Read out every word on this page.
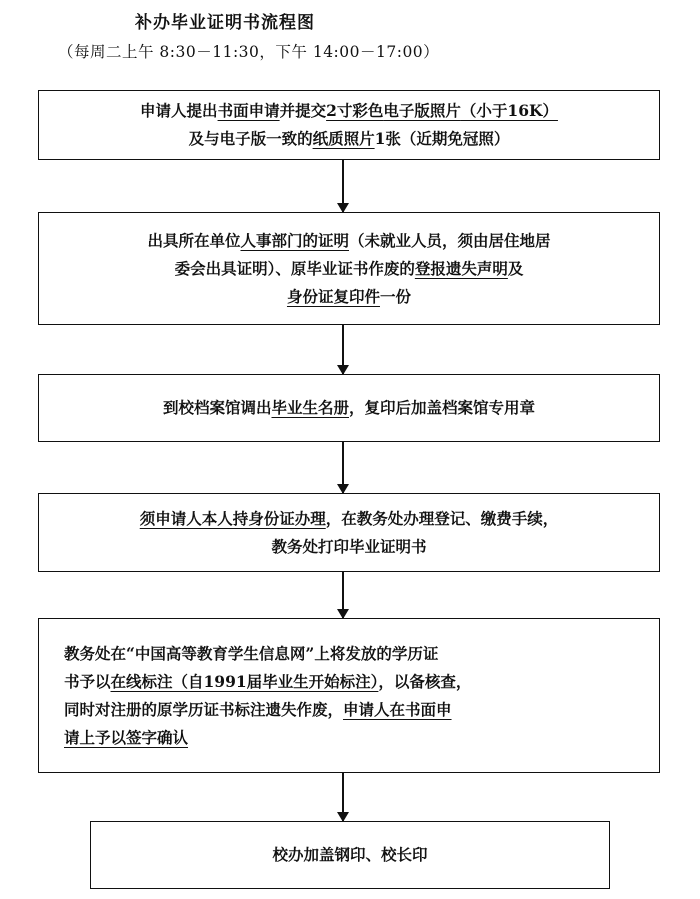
补办毕业证明书流程图
（每周二上午 8:30－11:30，下午 14:00－17:00）
申请人提出书面申请并提交2寸彩色电子版照片（小于16K）
及与电子版一致的纸质照片1张（近期免冠照）
出具所在单位人事部门的证明（未就业人员，须由居住地居
委会出具证明）、原毕业证书作废的登报遗失声明及
身份证复印件一份
到校档案馆调出毕业生名册，复印后加盖档案馆专用章
须申请人本人持身份证办理，在教务处办理登记、缴费手续，
教务处打印毕业证明书
教务处在“中国高等教育学生信息网”上将发放的学历证
书予以在线标注（自1991届毕业生开始标注），以备核查，
同时对注册的原学历证书标注遗失作废，申请人在书面申
请上予以签字确认
校办加盖钢印、校长印
